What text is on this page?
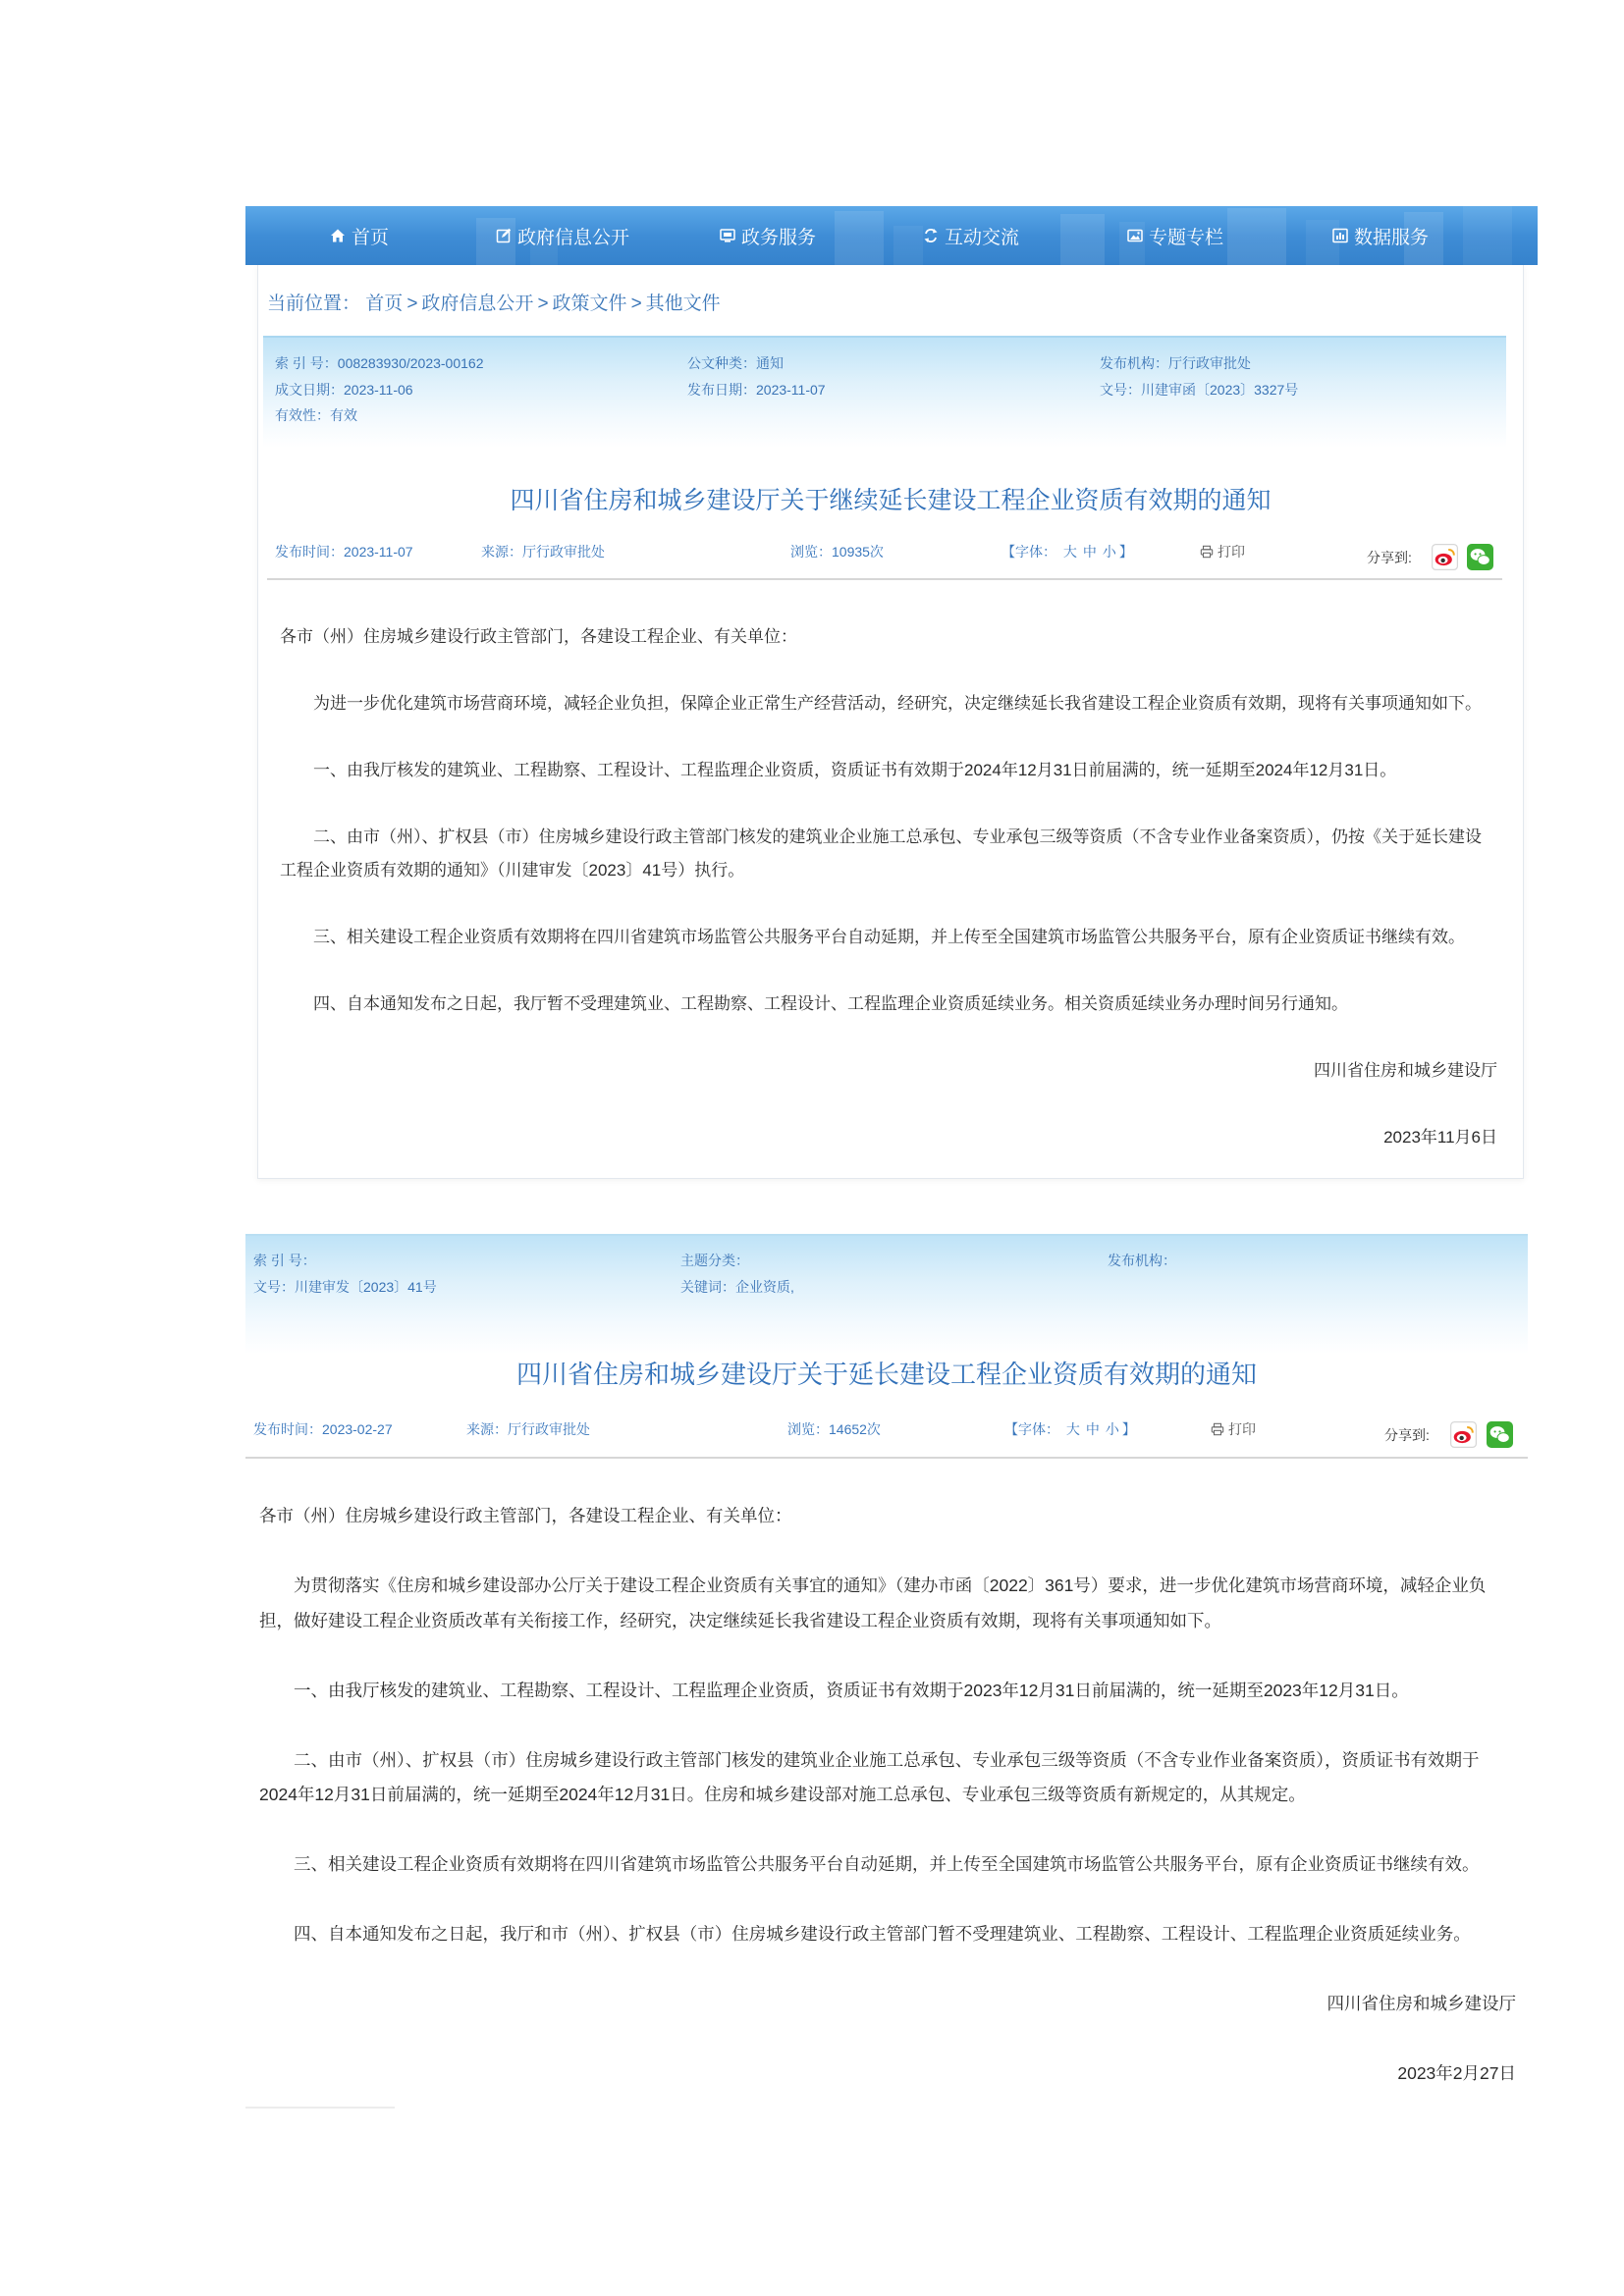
首页	政府信息公开	政务服务	互动交流	专题专栏	数据服务
当前位置： 首页 > 政府信息公开 > 政策文件 > 其他文件
索 引 号：008283930/2023-00162	公文种类：通知	发布机构：厅行政审批处
成文日期：2023-11-06	发布日期：2023-11-07	文号：川建审函〔2023〕3327号
有效性：有效
四川省住房和城乡建设厅关于继续延长建设工程企业资质有效期的通知
发布时间：2023-11-07	来源：厅行政审批处	浏览：10935次	【字体： 大 中 小 】	打印	分享到:

各市（州）住房城乡建设行政主管部门，各建设工程企业、有关单位：

为进一步优化建筑市场营商环境，减轻企业负担，保障企业正常生产经营活动，经研究，决定继续延长我省建设工程企业资质有效期，现将有关事项通知如下。

一、由我厅核发的建筑业、工程勘察、工程设计、工程监理企业资质，资质证书有效期于2024年12月31日前届满的，统一延期至2024年12月31日。

二、由市（州）、扩权县（市）住房城乡建设行政主管部门核发的建筑业企业施工总承包、专业承包三级等资质（不含专业作业备案资质），仍按《关于延长建设工程企业资质有效期的通知》（川建审发〔2023〕41号）执行。

三、相关建设工程企业资质有效期将在四川省建筑市场监管公共服务平台自动延期，并上传至全国建筑市场监管公共服务平台，原有企业资质证书继续有效。

四、自本通知发布之日起，我厅暂不受理建筑业、工程勘察、工程设计、工程监理企业资质延续业务。相关资质延续业务办理时间另行通知。

四川省住房和城乡建设厅

2023年11月6日

索 引 号：	主题分类：	发布机构：
文号：川建审发〔2023〕41号	关键词：企业资质,
四川省住房和城乡建设厅关于延长建设工程企业资质有效期的通知
发布时间：2023-02-27	来源：厅行政审批处	浏览：14652次	【字体： 大 中 小 】	打印	分享到:

各市（州）住房城乡建设行政主管部门，各建设工程企业、有关单位：

为贯彻落实《住房和城乡建设部办公厅关于建设工程企业资质有关事宜的通知》（建办市函〔2022〕361号）要求，进一步优化建筑市场营商环境，减轻企业负担，做好建设工程企业资质改革有关衔接工作，经研究，决定继续延长我省建设工程企业资质有效期，现将有关事项通知如下。

一、由我厅核发的建筑业、工程勘察、工程设计、工程监理企业资质，资质证书有效期于2023年12月31日前届满的，统一延期至2023年12月31日。

二、由市（州）、扩权县（市）住房城乡建设行政主管部门核发的建筑业企业施工总承包、专业承包三级等资质（不含专业作业备案资质），资质证书有效期于2024年12月31日前届满的，统一延期至2024年12月31日。住房和城乡建设部对施工总承包、专业承包三级等资质有新规定的，从其规定。

三、相关建设工程企业资质有效期将在四川省建筑市场监管公共服务平台自动延期，并上传至全国建筑市场监管公共服务平台，原有企业资质证书继续有效。

四、自本通知发布之日起，我厅和市（州）、扩权县（市）住房城乡建设行政主管部门暂不受理建筑业、工程勘察、工程设计、工程监理企业资质延续业务。

四川省住房和城乡建设厅

2023年2月27日
